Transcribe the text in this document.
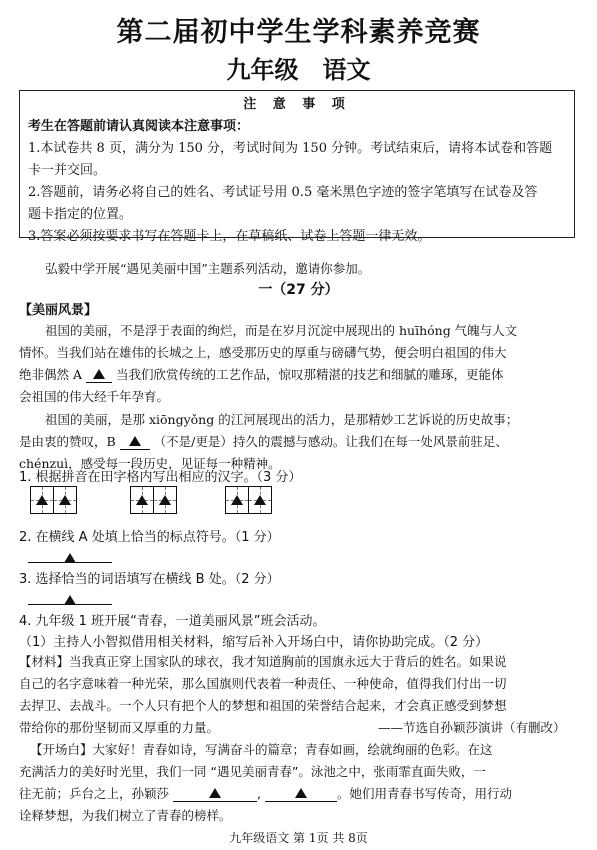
第二届初中学生学科素养竞赛
九年级　语文
注 意 事 项
考生在答题前请认真阅读本注意事项：
1.本试卷共 8 页，满分为 150 分，考试时间为 150 分钟。考试结束后，请将本试卷和答题
卡一并交回。
2.答题前，请务必将自己的姓名、考试证号用 0.5 毫米黑色字迹的签字笔填写在试卷及答
题卡指定的位置。
3.答案必须按要求书写在答题卡上，在草稿纸、试卷上答题一律无效。
弘毅中学开展“遇见美丽中国”主题系列活动，邀请你参加。
一（27 分）
【美丽风景】
祖国的美丽，不是浮于表面的绚烂，而是在岁月沉淀中展现出的 huīhóng 气魄与人文
情怀。当我们站在雄伟的长城之上，感受那历史的厚重与磅礴气势，便会明白祖国的伟大
绝非偶然 A	当我们欣赏传统的工艺作品，惊叹那精湛的技艺和细腻的雕琢，更能体
会祖国的伟大经千年孕育。
祖国的美丽，是那 xiōngyǒng 的江河展现出的活力，是那精妙工艺诉说的历史故事；
是由衷的赞叹，B	（不是/更是）持久的震撼与感动。让我们在每一处风景前驻足、
chénzuì，感受每一段历史，见证每一种精神。
1. 根据拼音在田字格内写出相应的汉字。（3 分）
2. 在横线 A 处填上恰当的标点符号。（1 分）
3. 选择恰当的词语填写在横线 B 处。（2 分）
4. 九年级 1 班开展“青春，一道美丽风景”班会活动。
（1）主持人小智拟借用相关材料，缩写后补入开场白中，请你协助完成。（2 分）
【材料】当我真正穿上国家队的球衣，我才知道胸前的国旗永远大于背后的姓名。如果说
自己的名字意味着一种光荣，那么国旗则代表着一种责任、一种使命，值得我们付出一切
去捍卫、去战斗。一个人只有把个人的梦想和祖国的荣誉结合起来，才会真正感受到梦想
带给你的那份坚韧而又厚重的力量。	——节选自孙颖莎演讲（有删改）
【开场白】大家好！青春如诗，写满奋斗的篇章；青春如画，绘就绚丽的色彩。在这
充满活力的美好时光里，我们一同 “遇见美丽青春”。泳池之中，张雨霏直面失败，一
往无前；乒台之上，孙颖莎	,	。她们用青春书写传奇，用行动
诠释梦想，为我们树立了青春的榜样。
九年级语文 第 1页 共 8页
